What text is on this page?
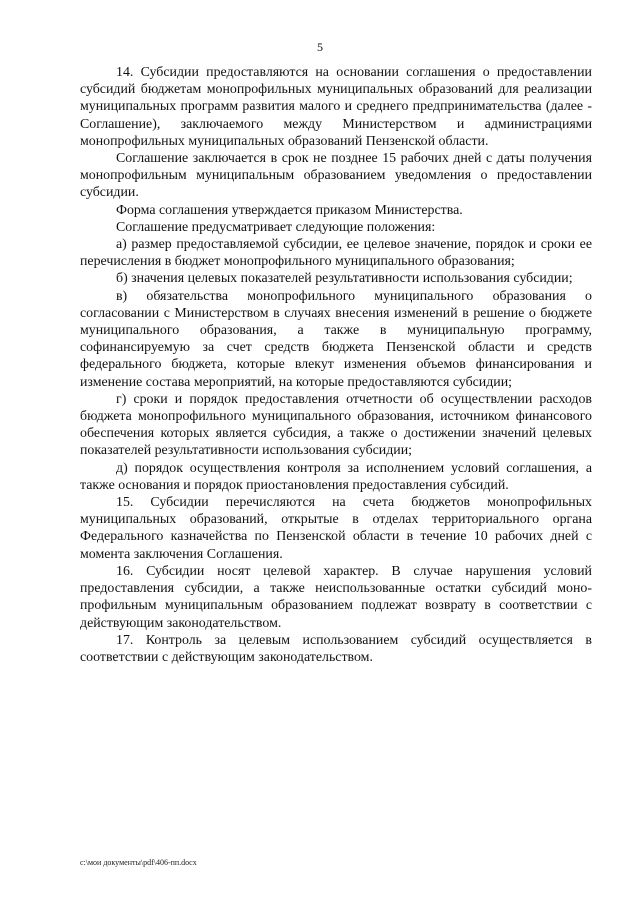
5

14. Субсидии предоставляются на основании соглашения о предоставлении субсидий бюджетам монопрофильных муниципальных образований для реализации муниципальных программ развития малого и среднего предпринимательства (далее - Соглашение), заключаемого между Министерством и администрациями монопрофильных муниципальных образований Пензенской области.

Соглашение заключается в срок не позднее 15 рабочих дней с даты получения монопрофильным муниципальным образованием уведомления о предоставлении субсидии.

Форма соглашения утверждается приказом Министерства.

Соглашение предусматривает следующие положения:

а) размер предоставляемой субсидии, ее целевое значение, порядок и сроки ее перечисления в бюджет монопрофильного муниципального образования;

б) значения целевых показателей результативности использования субсидии;

в) обязательства монопрофильного муниципального образования о согласовании с Министерством в случаях внесения изменений в решение о бюджете муниципального образования, а также в муниципальную программу, софинансируемую за счет средств бюджета Пензенской области и средств федерального бюджета, которые влекут изменения объемов финансирования и изменение состава мероприятий, на которые предоставляются субсидии;

г) сроки и порядок предоставления отчетности об осуществлении расходов бюджета монопрофильного муниципального образования, источником финансового обеспечения которых является субсидия, а также о достижении значений целевых показателей результативности использования субсидии;

д) порядок осуществления контроля за исполнением условий соглашения, а также основания и порядок приостановления предоставления субсидий.

15. Субсидии перечисляются на счета бюджетов монопрофильных муниципальных образований, открытые в отделах территориального органа Федерального казначейства по Пензенской области в течение 10 рабочих дней с момента заключения Соглашения.

16. Субсидии носят целевой характер. В случае нарушения условий предоставления субсидии, а также неиспользованные остатки субсидий монопрофильным муниципальным образованием подлежат возврату в соответствии с действующим законодательством.

17. Контроль за целевым использованием субсидий осуществляется в соответствии с действующим законодательством.

c:\мои документы\pdf\406-пп.docx
